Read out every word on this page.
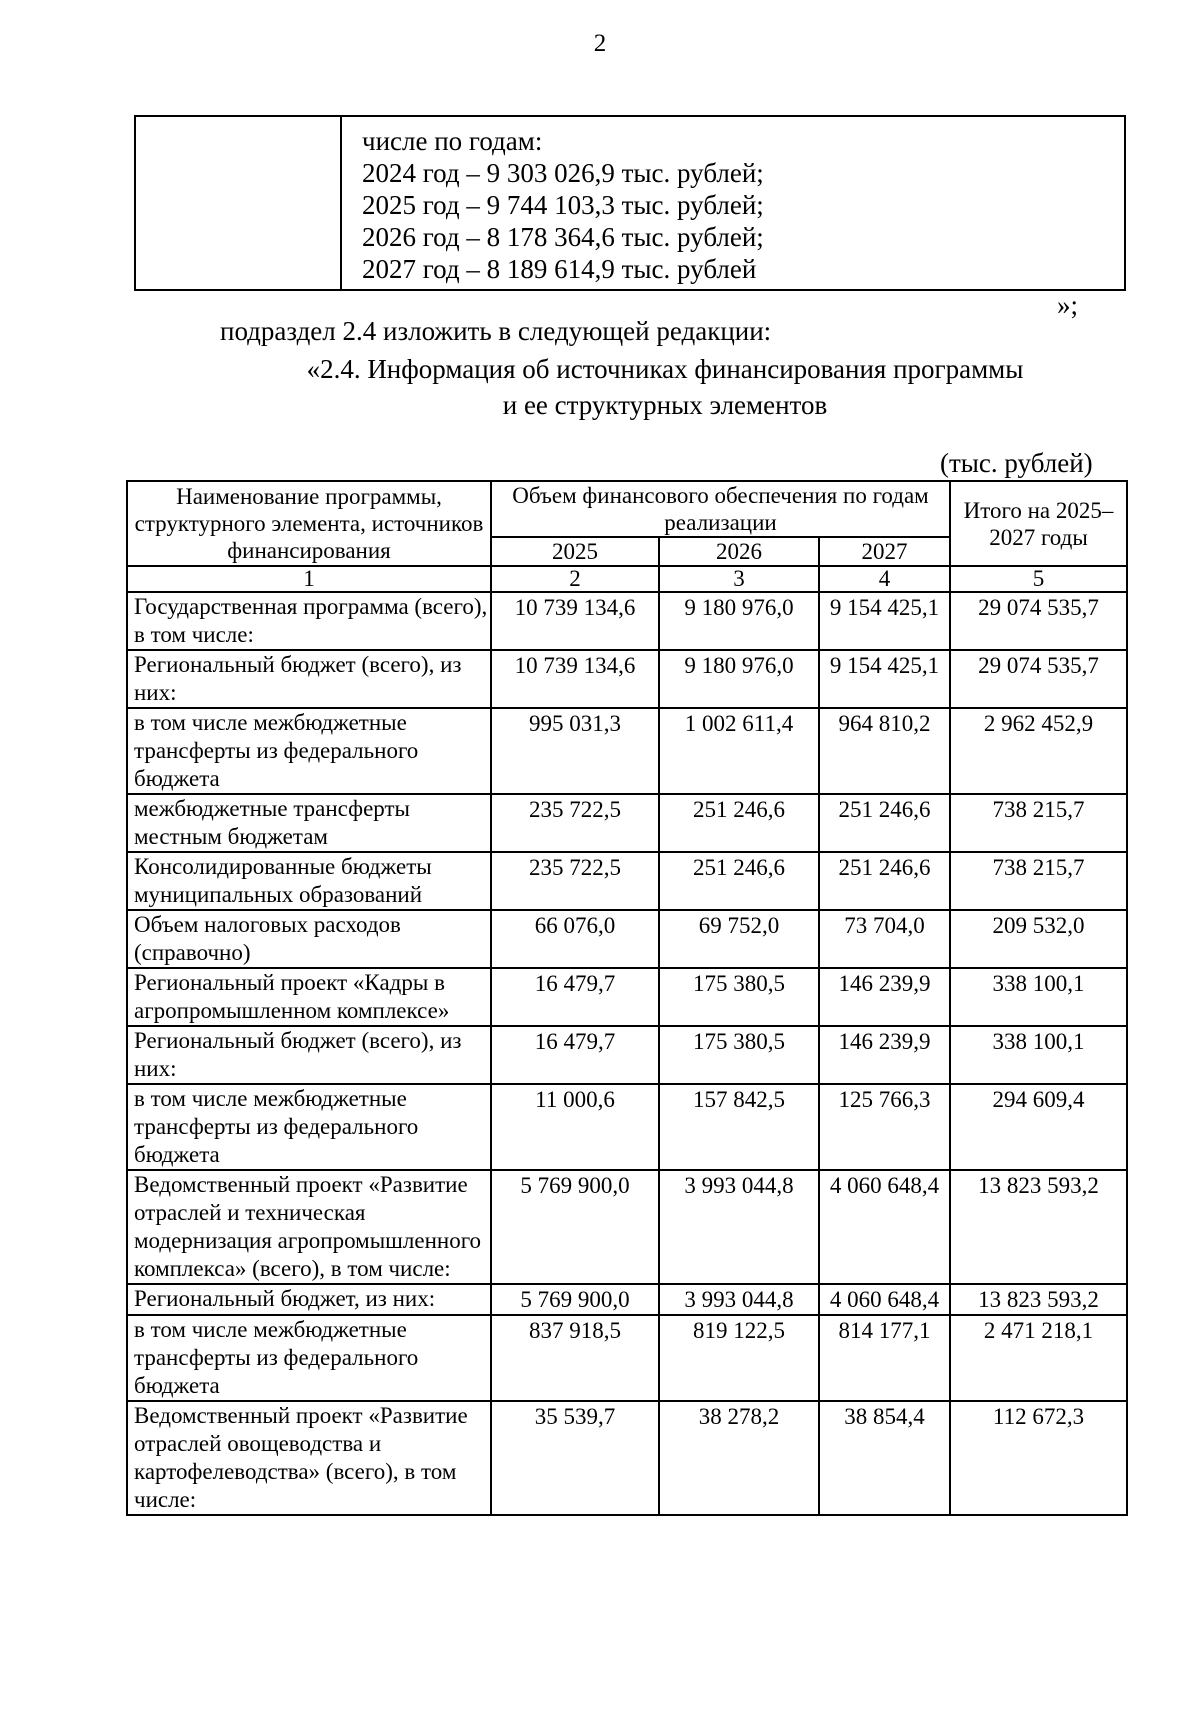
2

числе по годам:
2024 год – 9 303 026,9 тыс. рублей;
2025 год – 9 744 103,3 тыс. рублей;
2026 год – 8 178 364,6 тыс. рублей;
2027 год – 8 189 614,9 тыс. рублей
»;
подраздел 2.4 изложить в следующей редакции:
«2.4. Информация об источниках финансирования программы
и ее структурных элементов
(тыс. рублей)
Наименование программы, структурного элемента, источников финансирования	Объем финансового обеспечения по годам реализации			Итого на 2025–2027 годы
	2025	2026	2027	
1	2	3	4	5
Государственная программа (всего), в том числе:	10 739 134,6	9 180 976,0	9 154 425,1	29 074 535,7
Региональный бюджет (всего), из них:	10 739 134,6	9 180 976,0	9 154 425,1	29 074 535,7
в том числе межбюджетные трансферты из федерального бюджета	995 031,3	1 002 611,4	964 810,2	2 962 452,9
межбюджетные трансферты местным бюджетам	235 722,5	251 246,6	251 246,6	738 215,7
Консолидированные бюджеты муниципальных образований	235 722,5	251 246,6	251 246,6	738 215,7
Объем налоговых расходов (справочно)	66 076,0	69 752,0	73 704,0	209 532,0
Региональный проект «Кадры в агропромышленном комплексе»	16 479,7	175 380,5	146 239,9	338 100,1
Региональный бюджет (всего), из них:	16 479,7	175 380,5	146 239,9	338 100,1
в том числе межбюджетные трансферты из федерального бюджета	11 000,6	157 842,5	125 766,3	294 609,4
Ведомственный проект «Развитие отраслей и техническая модернизация агропромышленного комплекса» (всего), в том числе:	5 769 900,0	3 993 044,8	4 060 648,4	13 823 593,2
Региональный бюджет, из них:	5 769 900,0	3 993 044,8	4 060 648,4	13 823 593,2
в том числе межбюджетные трансферты из федерального бюджета	837 918,5	819 122,5	814 177,1	2 471 218,1
Ведомственный проект «Развитие отраслей овощеводства и картофелеводства» (всего), в том числе:	35 539,7	38 278,2	38 854,4	112 672,3
